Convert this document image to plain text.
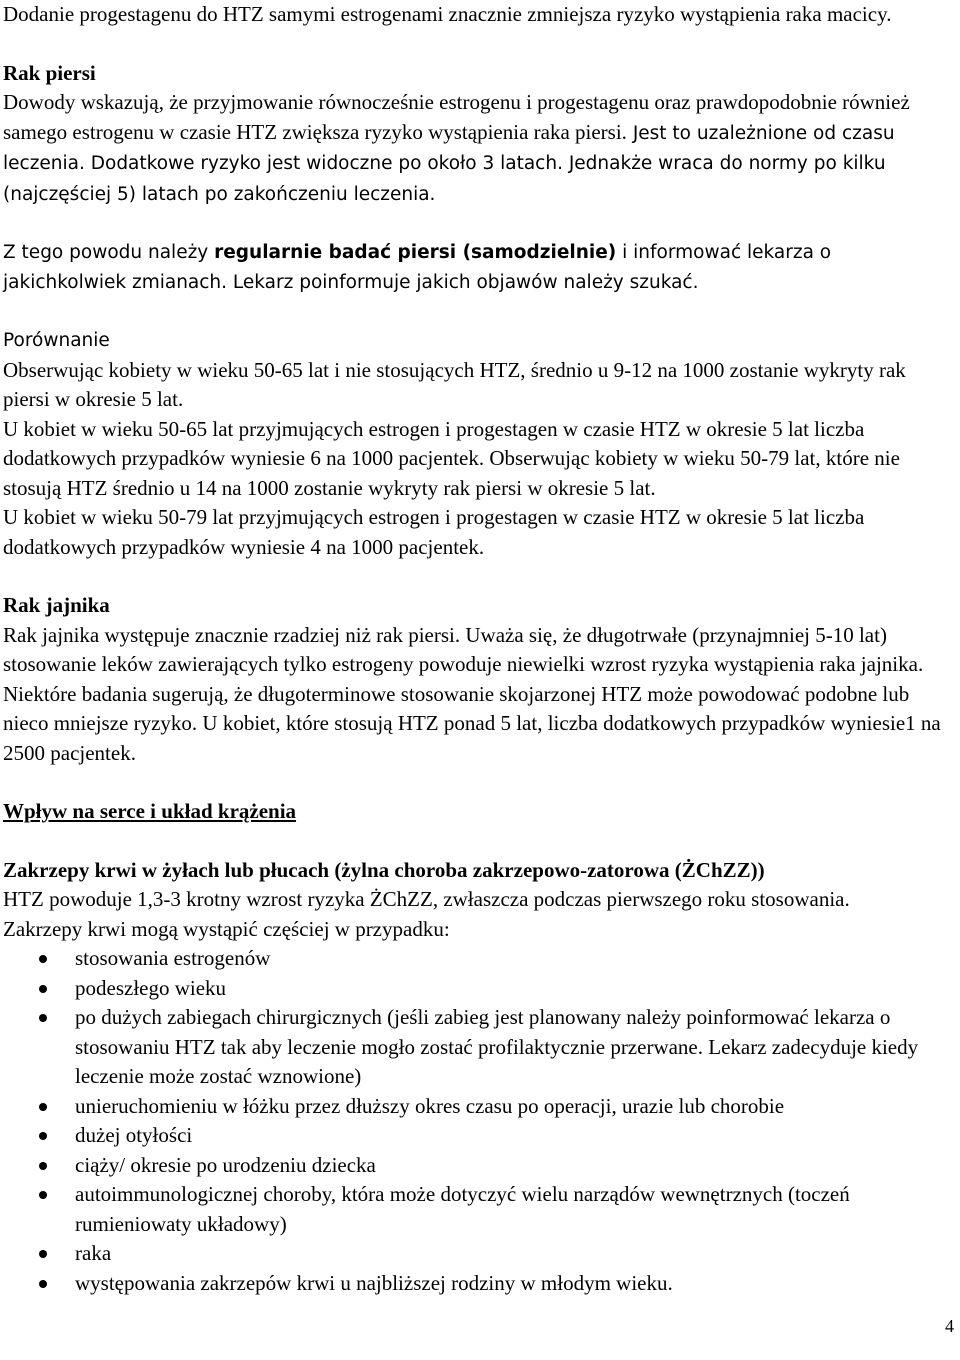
Dodanie progestagenu do HTZ samymi estrogenami znacznie zmniejsza ryzyko wystąpienia raka macicy.

Rak piersi

Dowody wskazują, że przyjmowanie równocześnie estrogenu i progestagenu oraz prawdopodobnie również samego estrogenu w czasie HTZ zwiększa ryzyko wystąpienia raka piersi. Jest to uzależnione od czasu leczenia. Dodatkowe ryzyko jest widoczne po około 3 latach. Jednakże wraca do normy po kilku (najczęściej 5) latach po zakończeniu leczenia.

Z tego powodu należy regularnie badać piersi (samodzielnie) i informować lekarza o jakichkolwiek zmianach. Lekarz poinformuje jakich objawów należy szukać.

Porównanie

Obserwując kobiety w wieku 50-65 lat i nie stosujących HTZ, średnio u 9-12 na 1000 zostanie wykryty rak piersi w okresie 5 lat.

U kobiet w wieku 50-65 lat przyjmujących estrogen i progestagen w czasie HTZ w okresie 5 lat liczba dodatkowych przypadków wyniesie 6 na 1000 pacjentek. Obserwując kobiety w wieku 50-79 lat, które nie stosują HTZ średnio u 14 na 1000 zostanie wykryty rak piersi w okresie 5 lat.

U kobiet w wieku 50-79 lat przyjmujących estrogen i progestagen w czasie HTZ w okresie 5 lat liczba dodatkowych przypadków wyniesie 4 na 1000 pacjentek.

Rak jajnika

Rak jajnika występuje znacznie rzadziej niż rak piersi. Uważa się, że długotrwałe (przynajmniej 5-10 lat) stosowanie leków zawierających tylko estrogeny powoduje niewielki wzrost ryzyka wystąpienia raka jajnika. Niektóre badania sugerują, że długoterminowe stosowanie skojarzonej HTZ może powodować podobne lub nieco mniejsze ryzyko. U kobiet, które stosują HTZ ponad 5 lat, liczba dodatkowych przypadków wyniesie1 na 2500 pacjentek.

Wpływ na serce i układ krążenia

Zakrzepy krwi w żyłach lub płucach (żylna choroba zakrzepowo-zatorowa (ŻChZZ))

HTZ powoduje 1,3-3 krotny wzrost ryzyka ŻChZZ, zwłaszcza podczas pierwszego roku stosowania.

Zakrzepy krwi mogą wystąpić częściej w przypadku:

stosowania estrogenów
podeszłego wieku
po dużych zabiegach chirurgicznych (jeśli zabieg jest planowany należy poinformować lekarza o stosowaniu HTZ tak aby leczenie mogło zostać profilaktycznie przerwane. Lekarz zadecyduje kiedy leczenie może zostać wznowione)
unieruchomieniu w łóżku przez dłuższy okres czasu po operacji, urazie lub chorobie
dużej otyłości
ciąży/ okresie po urodzeniu dziecka
autoimmunologicznej choroby, która może dotyczyć wielu narządów wewnętrznych (toczeń rumieniowaty układowy)
raka
występowania zakrzepów krwi u najbliższej rodziny w młodym wieku.
4
